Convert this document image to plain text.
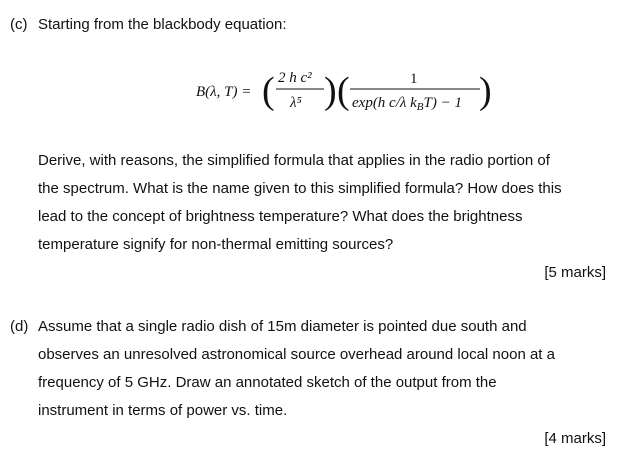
(c) Starting from the blackbody equation:
B(λ, T) = ( 2 h c²
λ⁵ ) (	1
exp(h c/λ $k_BT) - 1$ )
Derive, with reasons, the simplified formula that applies in the radio portion of
the spectrum. What is the name given to this simplified formula? How does this
lead to the concept of brightness temperature? What does the brightness
temperature signify for non-thermal emitting sources?
[5 marks]
(d) Assume that a single radio dish of 15m diameter is pointed due south and
observes an unresolved astronomical source overhead around local noon at a
frequency of 5 GHz. Draw an annotated sketch of the output from the
instrument in terms of power vs. time.
[4 marks]
